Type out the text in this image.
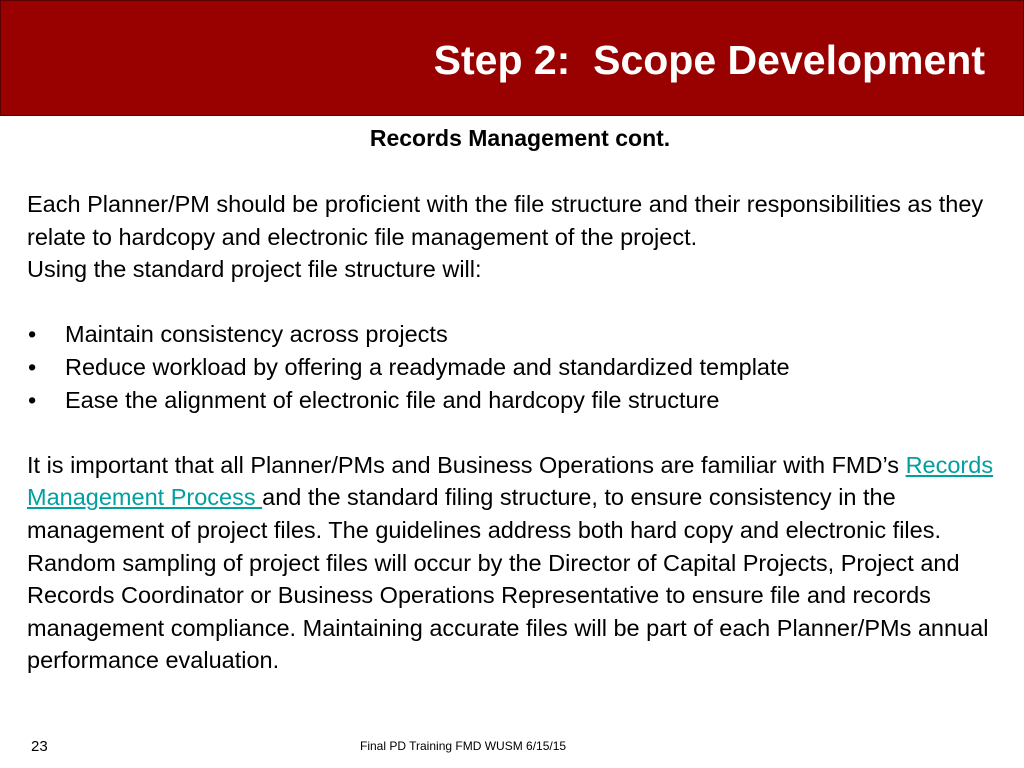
Step 2:  Scope Development
Records Management cont.

Each Planner/PM should be proficient with the file structure and their responsibilities as they relate to hardcopy and electronic file management of the project.

Using the standard project file structure will:

• Maintain consistency across projects
• Reduce workload by offering a readymade and standardized template
• Ease the alignment of electronic file and hardcopy file structure

It is important that all Planner/PMs and Business Operations are familiar with FMD’s Records Management Process and the standard filing structure, to ensure consistency in the management of project files. The guidelines address both hard copy and electronic files. Random sampling of project files will occur by the Director of Capital Projects, Project and Records Coordinator or Business Operations Representative to ensure file and records management compliance. Maintaining accurate files will be part of each Planner/PMs annual performance evaluation.

23	Final PD Training FMD WUSM 6/15/15
